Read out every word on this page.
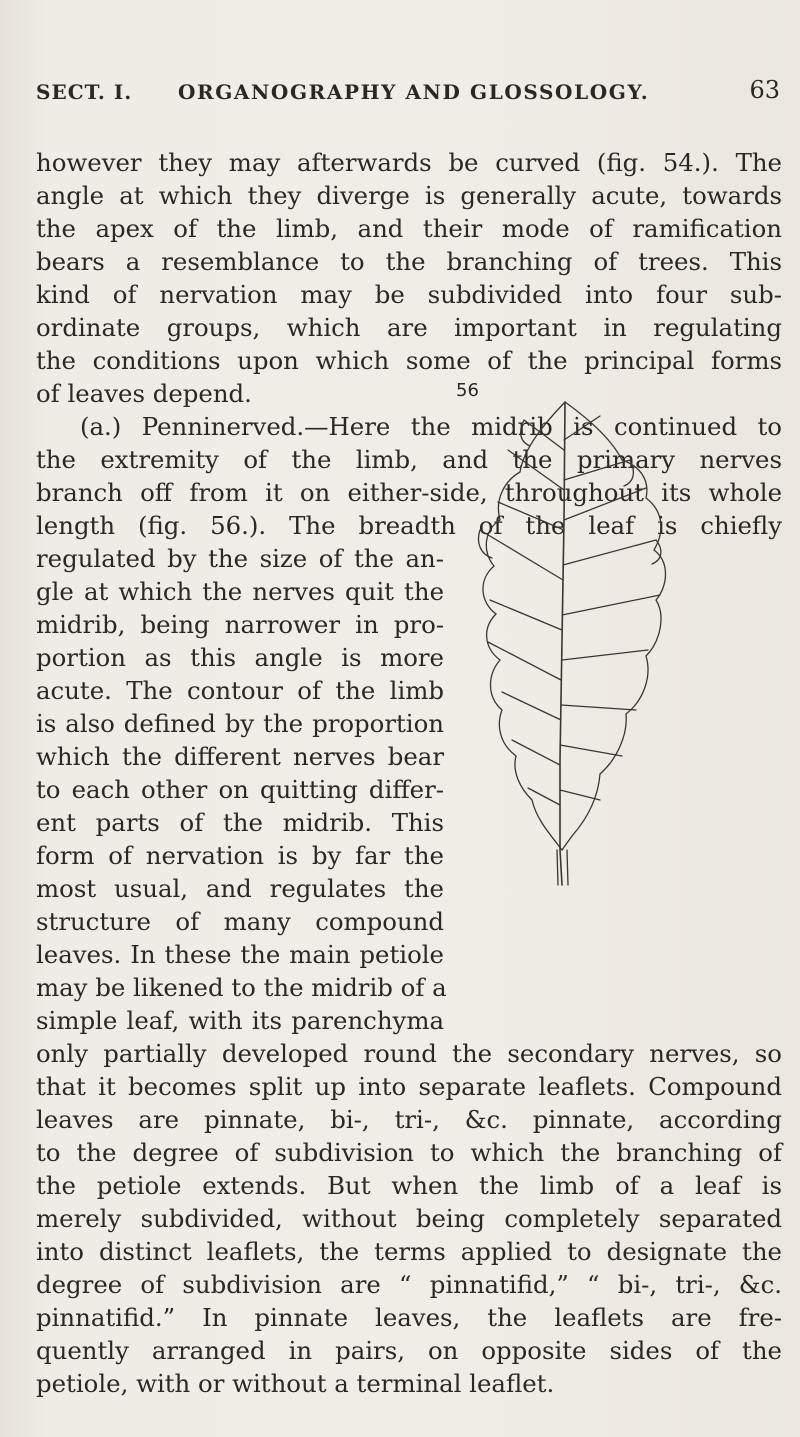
SECT. I. ORGANOGRAPHY AND GLOSSOLOGY.	63
however they may afterwards be curved (fig. 54.). The
angle at which they diverge is generally acute, towards
the apex of the limb, and their mode of ramification
bears a resemblance to the branching of trees. This
kind of nervation may be subdivided into four sub-
ordinate groups, which are important in regulating
the conditions upon which some of the principal forms
of leaves depend.
(a.) Penninerved.—Here the midrib is continued to
the extremity of the limb, and the primary nerves
branch off from it on either-side, throughout its whole
length (fig. 56.). The breadth of the leaf is chiefly
regulated by the size of the an-
gle at which the nerves quit the
midrib, being narrower in pro-
portion as this angle is more
acute. The contour of the limb
is also defined by the proportion
which the different nerves bear
to each other on quitting differ-
ent parts of the midrib. This
form of nervation is by far the
most usual, and regulates the
structure of many compound
leaves. In these the main petiole
may be likened to the midrib of a
simple leaf, with its parenchyma
only partially developed round the secondary nerves, so
that it becomes split up into separate leaflets. Compound
leaves are pinnate, bi-, tri-, &c. pinnate, according
to the degree of subdivision to which the branching of
the petiole extends. But when the limb of a leaf is
merely subdivided, without being completely separated
into distinct leaflets, the terms applied to designate the
degree of subdivision are “ pinnatifid,” “ bi-, tri-, &c.
pinnatifid.” In pinnate leaves, the leaflets are fre-
quently arranged in pairs, on opposite sides of the
petiole, with or without a terminal leaflet.
56
